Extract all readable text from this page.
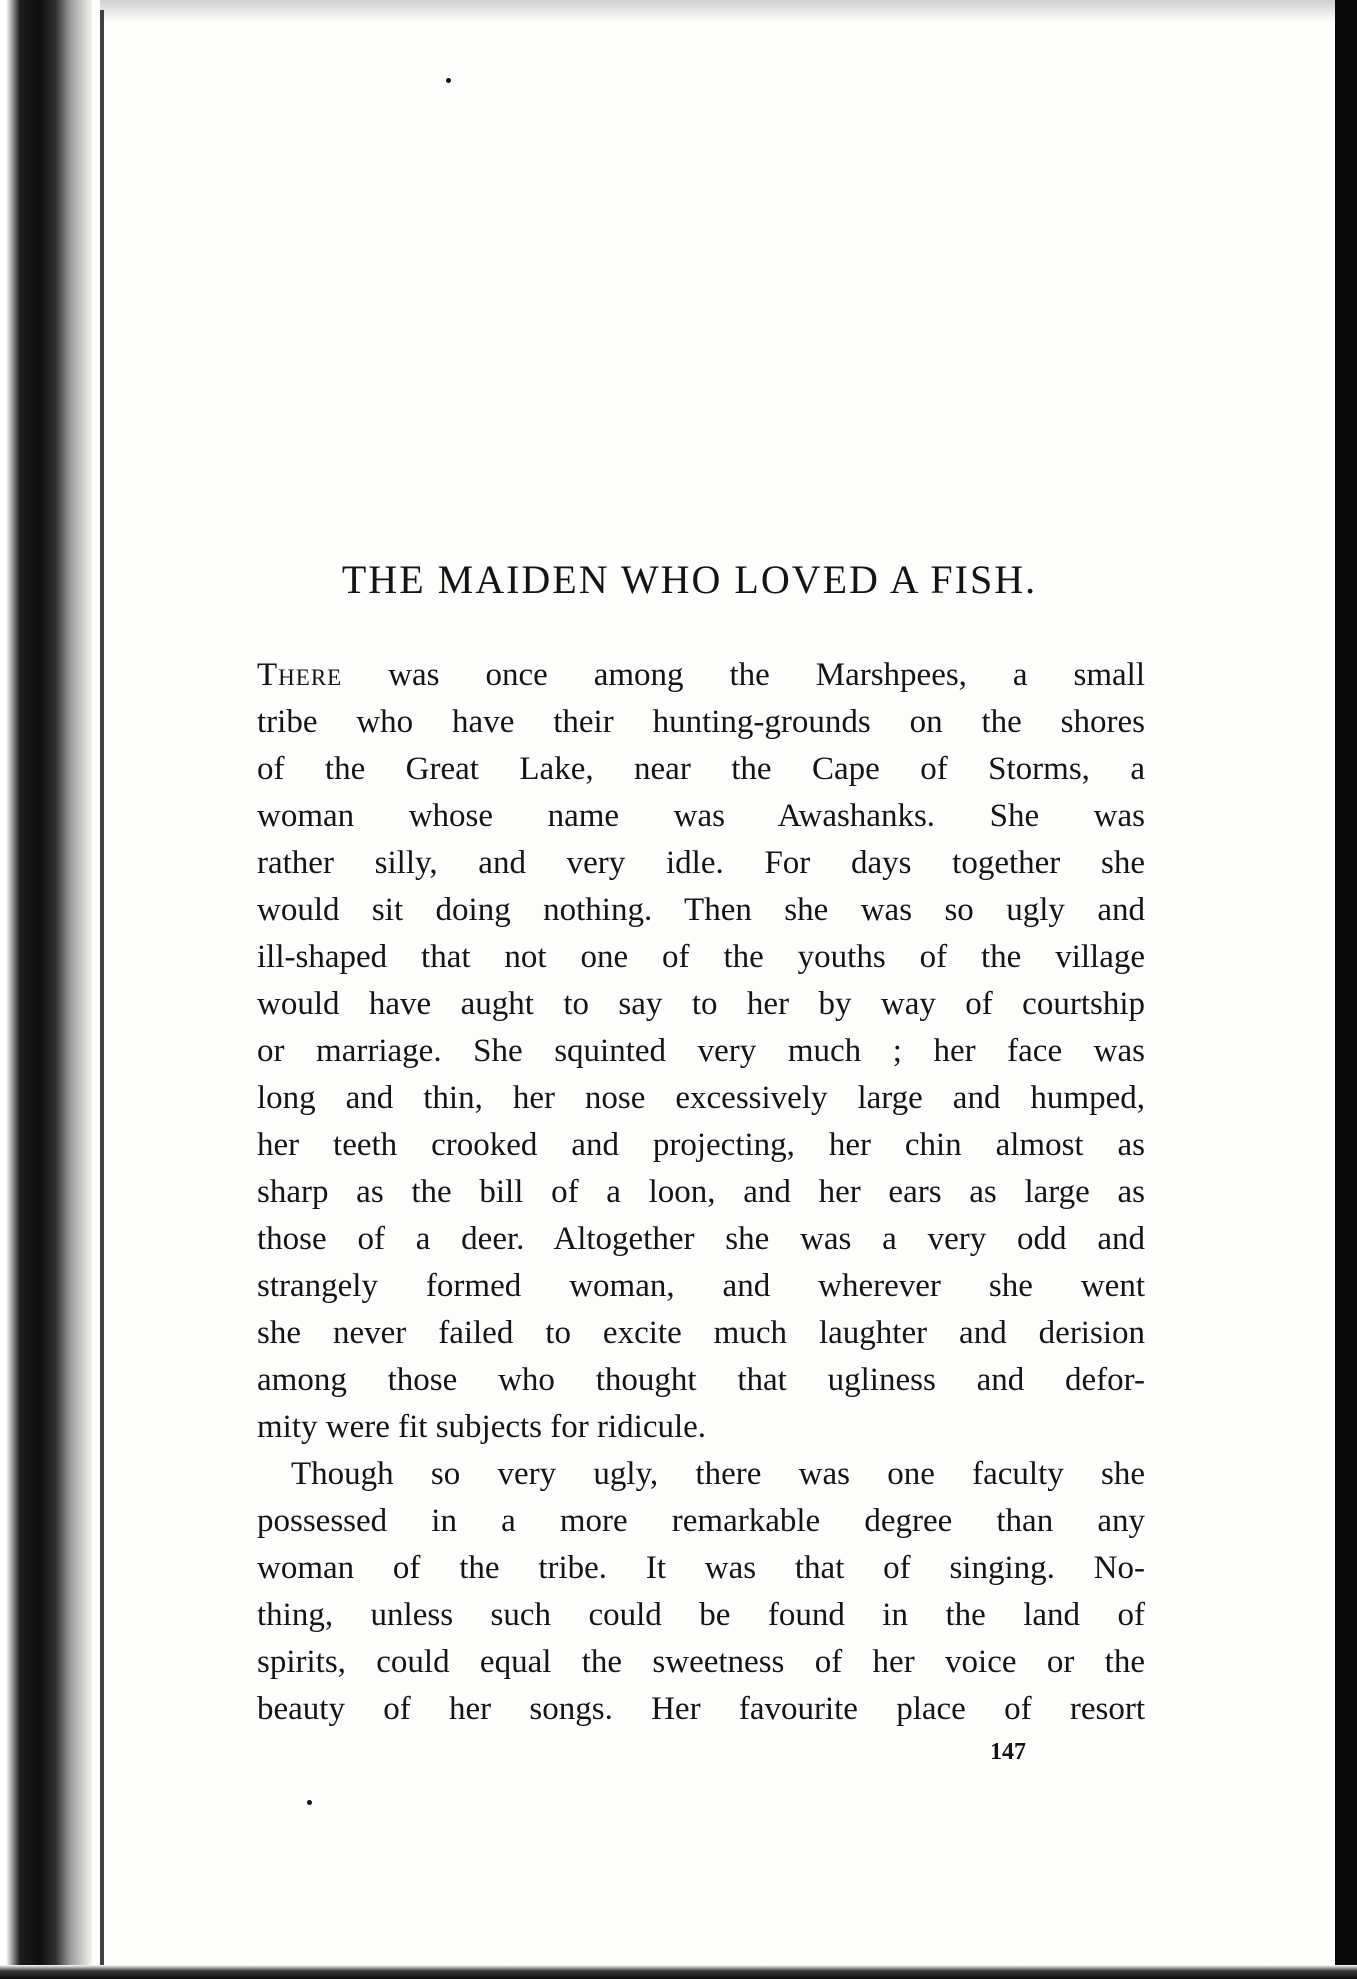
THE MAIDEN WHO LOVED A FISH.
There was once among the Marshpees, a small
tribe who have their hunting-grounds on the shores
of the Great Lake, near the Cape of Storms, a
woman whose name was Awashanks. She was
rather silly, and very idle. For days together she
would sit doing nothing. Then she was so ugly and
ill-shaped that not one of the youths of the village
would have aught to say to her by way of courtship
or marriage. She squinted very much ; her face was
long and thin, her nose excessively large and humped,
her teeth crooked and projecting, her chin almost as
sharp as the bill of a loon, and her ears as large as
those of a deer. Altogether she was a very odd and
strangely formed woman, and wherever she went
she never failed to excite much laughter and derision
among those who thought that ugliness and defor-
mity were fit subjects for ridicule.
Though so very ugly, there was one faculty she
possessed in a more remarkable degree than any
woman of the tribe. It was that of singing. No-
thing, unless such could be found in the land of
spirits, could equal the sweetness of her voice or the
beauty of her songs. Her favourite place of resort
147
